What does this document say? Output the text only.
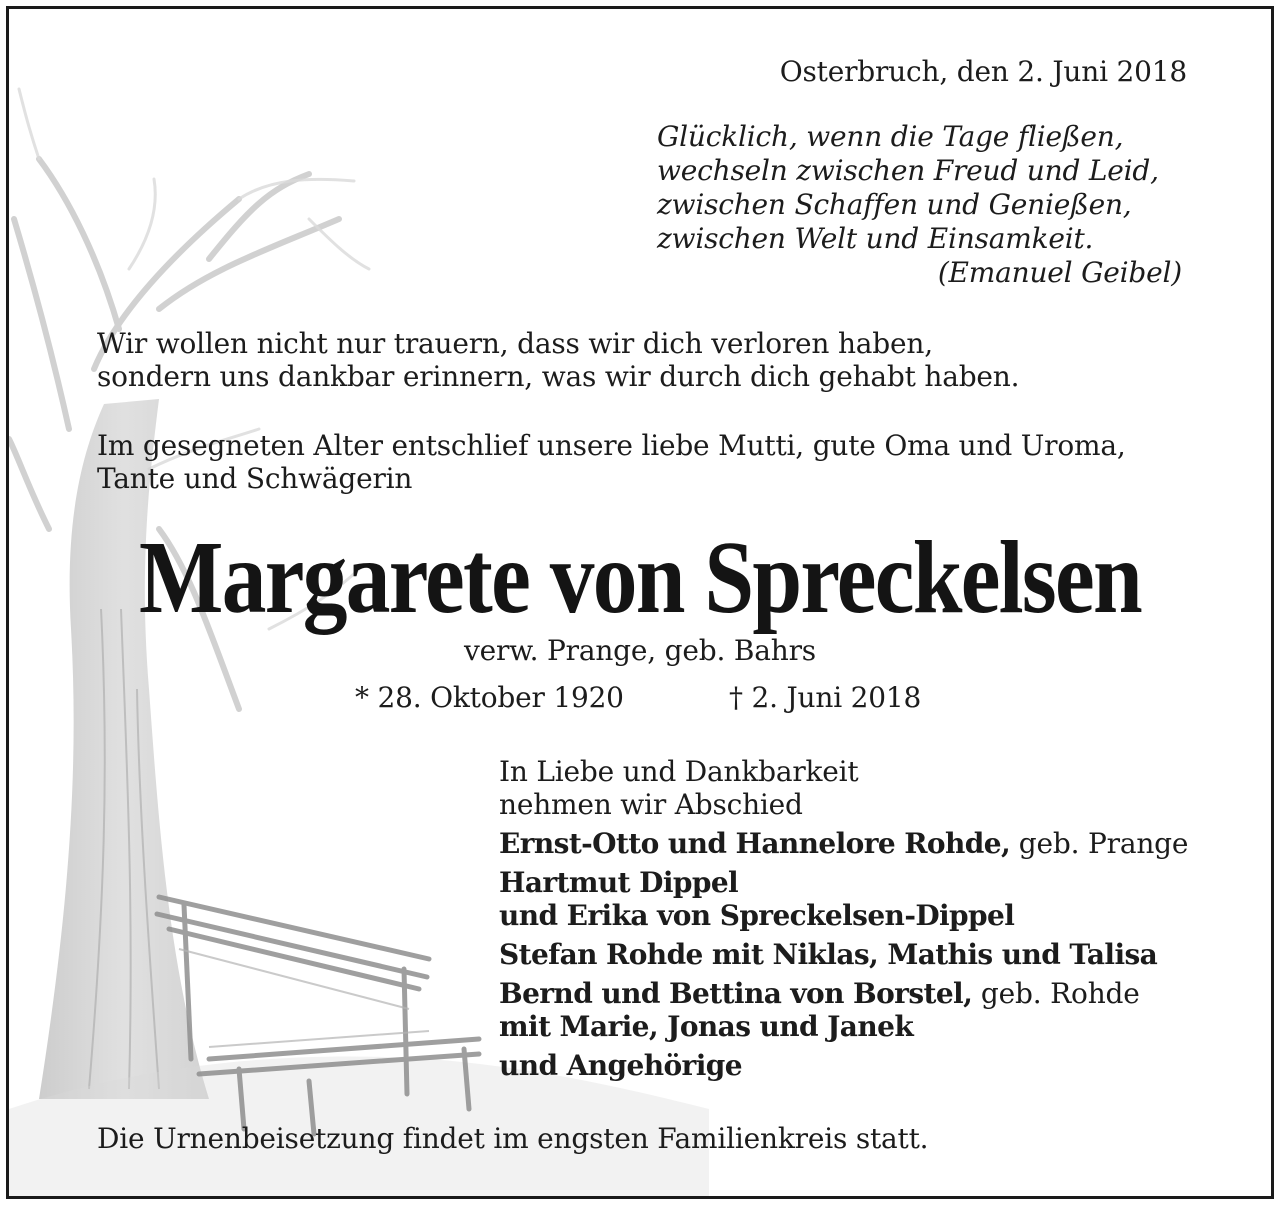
Osterbruch, den 2. Juni 2018
Glücklich, wenn die Tage fließen,
wechseln zwischen Freud und Leid,
zwischen Schaffen und Genießen,
zwischen Welt und Einsamkeit.
(Emanuel Geibel)
Wir wollen nicht nur trauern, dass wir dich verloren haben,
sondern uns dankbar erinnern, was wir durch dich gehabt haben.
Im gesegneten Alter entschlief unsere liebe Mutti, gute Oma und Uroma,
Tante und Schwägerin
Margarete von Spreckelsen
verw. Prange, geb. Bahrs
* 28. Oktober 1920	† 2. Juni 2018
In Liebe und Dankbarkeit
nehmen wir Abschied
Ernst-Otto und Hannelore Rohde, geb. Prange
Hartmut Dippel
und Erika von Spreckelsen-Dippel
Stefan Rohde mit Niklas, Mathis und Talisa
Bernd und Bettina von Borstel, geb. Rohde
mit Marie, Jonas und Janek
und Angehörige
Die Urnenbeisetzung findet im engsten Familienkreis statt.
